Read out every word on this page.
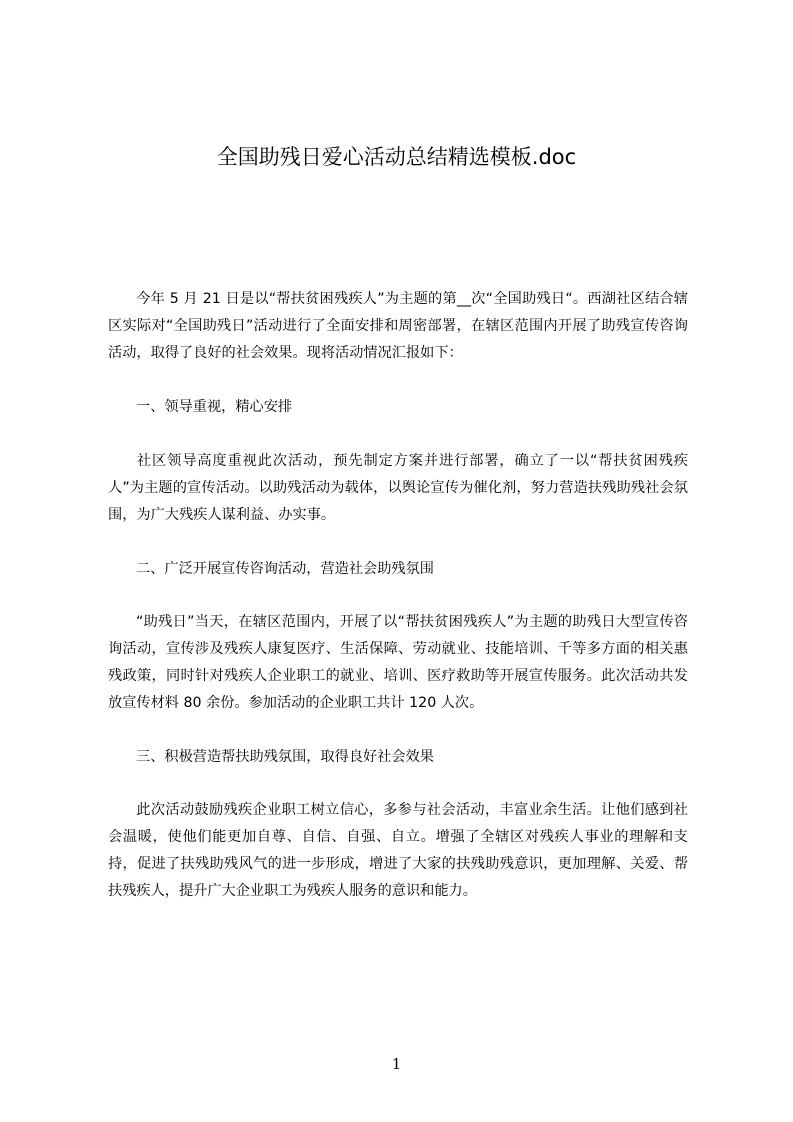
全国助残日爱心活动总结精选模板.doc

今年 5 月 21 日是以“帮扶贫困残疾人”为主题的第__次“全国助残日“。西湖社区结合辖区实际对“全国助残日”活动进行了全面安排和周密部署，在辖区范围内开展了助残宣传咨询活动，取得了良好的社会效果。现将活动情况汇报如下：

一、领导重视，精心安排

社区领导高度重视此次活动，预先制定方案并进行部署，确立了一以“帮扶贫困残疾人”为主题的宣传活动。以助残活动为载体，以舆论宣传为催化剂，努力营造扶残助残社会氛围，为广大残疾人谋利益、办实事。

二、广泛开展宣传咨询活动，营造社会助残氛围

“助残日”当天，在辖区范围内，开展了以“帮扶贫困残疾人”为主题的助残日大型宣传咨询活动，宣传涉及残疾人康复医疗、生活保障、劳动就业、技能培训、千等多方面的相关惠残政策，同时针对残疾人企业职工的就业、培训、医疗救助等开展宣传服务。此次活动共发放宣传材料 80 余份。参加活动的企业职工共计 120 人次。

三、积极营造帮扶助残氛围，取得良好社会效果

此次活动鼓励残疾企业职工树立信心，多参与社会活动，丰富业余生活。让他们感到社会温暖，使他们能更加自尊、自信、自强、自立。增强了全辖区对残疾人事业的理解和支持，促进了扶残助残风气的进一步形成，增进了大家的扶残助残意识，更加理解、关爱、帮扶残疾人，提升广大企业职工为残疾人服务的意识和能力。

1
